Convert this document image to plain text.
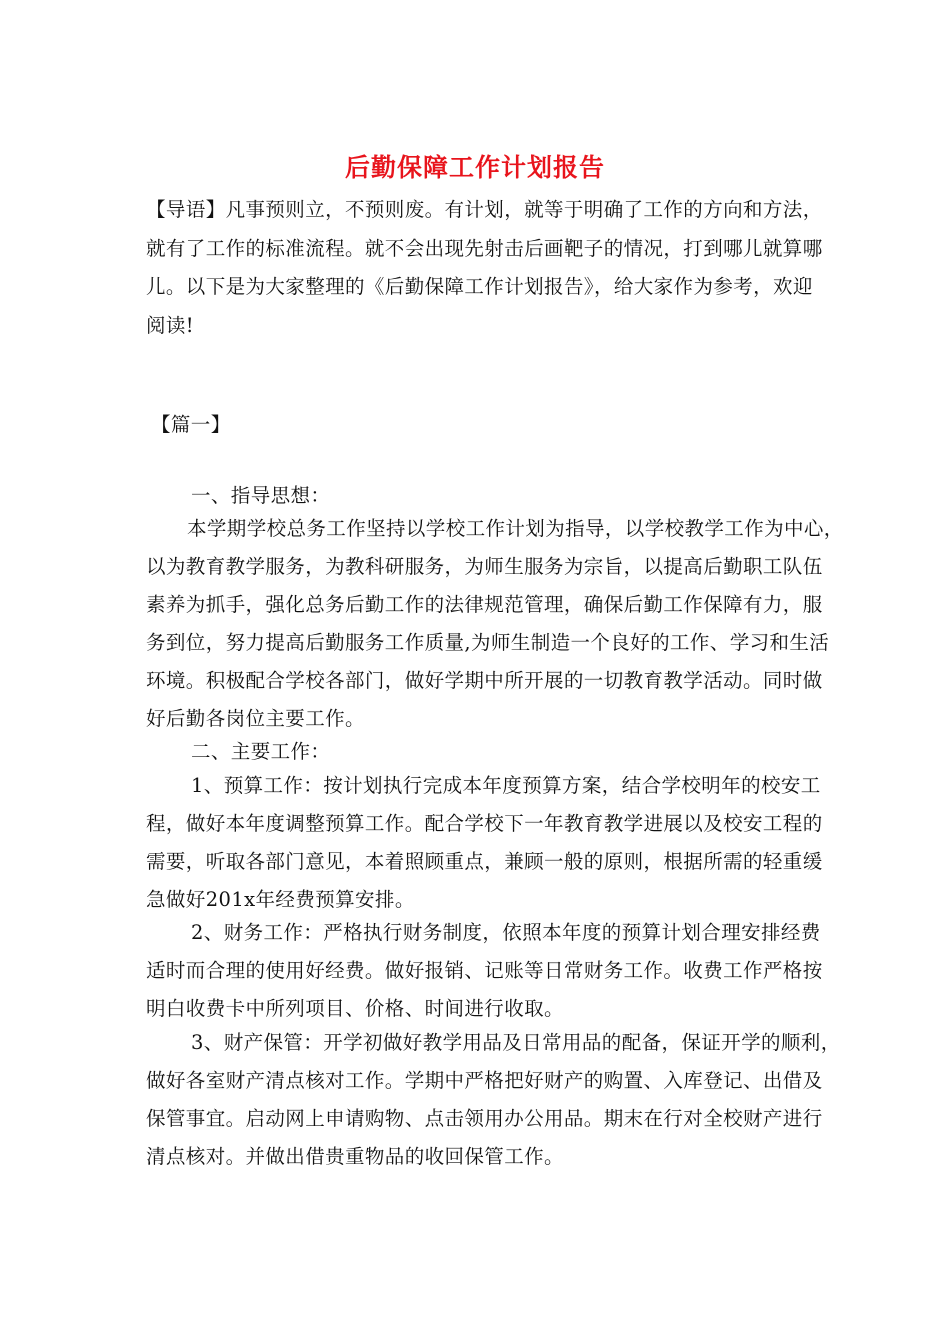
后勤保障工作计划报告
【导语】凡事预则立，不预则废。有计划，就等于明确了工作的方向和方法，
就有了工作的标准流程。就不会出现先射击后画靶子的情况，打到哪儿就算哪
儿。以下是为大家整理的《后勤保障工作计划报告》，给大家作为参考，欢迎
阅读!
【篇一】
一、指导思想：
本学期学校总务工作坚持以学校工作计划为指导，以学校教学工作为中心，
以为教育教学服务，为教科研服务，为师生服务为宗旨，以提高后勤职工队伍
素养为抓手，强化总务后勤工作的法律规范管理，确保后勤工作保障有力，服
务到位，努力提高后勤服务工作质量,为师生制造一个良好的工作、学习和生活
环境。积极配合学校各部门，做好学期中所开展的一切教育教学活动。同时做
好后勤各岗位主要工作。
二、主要工作：
1、预算工作：按计划执行完成本年度预算方案，结合学校明年的校安工
程，做好本年度调整预算工作。配合学校下一年教育教学进展以及校安工程的
需要，听取各部门意见，本着照顾重点，兼顾一般的原则，根据所需的轻重缓
急做好201x年经费预算安排。
2、财务工作：严格执行财务制度，依照本年度的预算计划合理安排经费
适时而合理的使用好经费。做好报销、记账等日常财务工作。收费工作严格按
明白收费卡中所列项目、价格、时间进行收取。
3、财产保管：开学初做好教学用品及日常用品的配备，保证开学的顺利，
做好各室财产清点核对工作。学期中严格把好财产的购置、入库登记、出借及
保管事宜。启动网上申请购物、点击领用办公用品。期末在行对全校财产进行
清点核对。并做出借贵重物品的收回保管工作。
